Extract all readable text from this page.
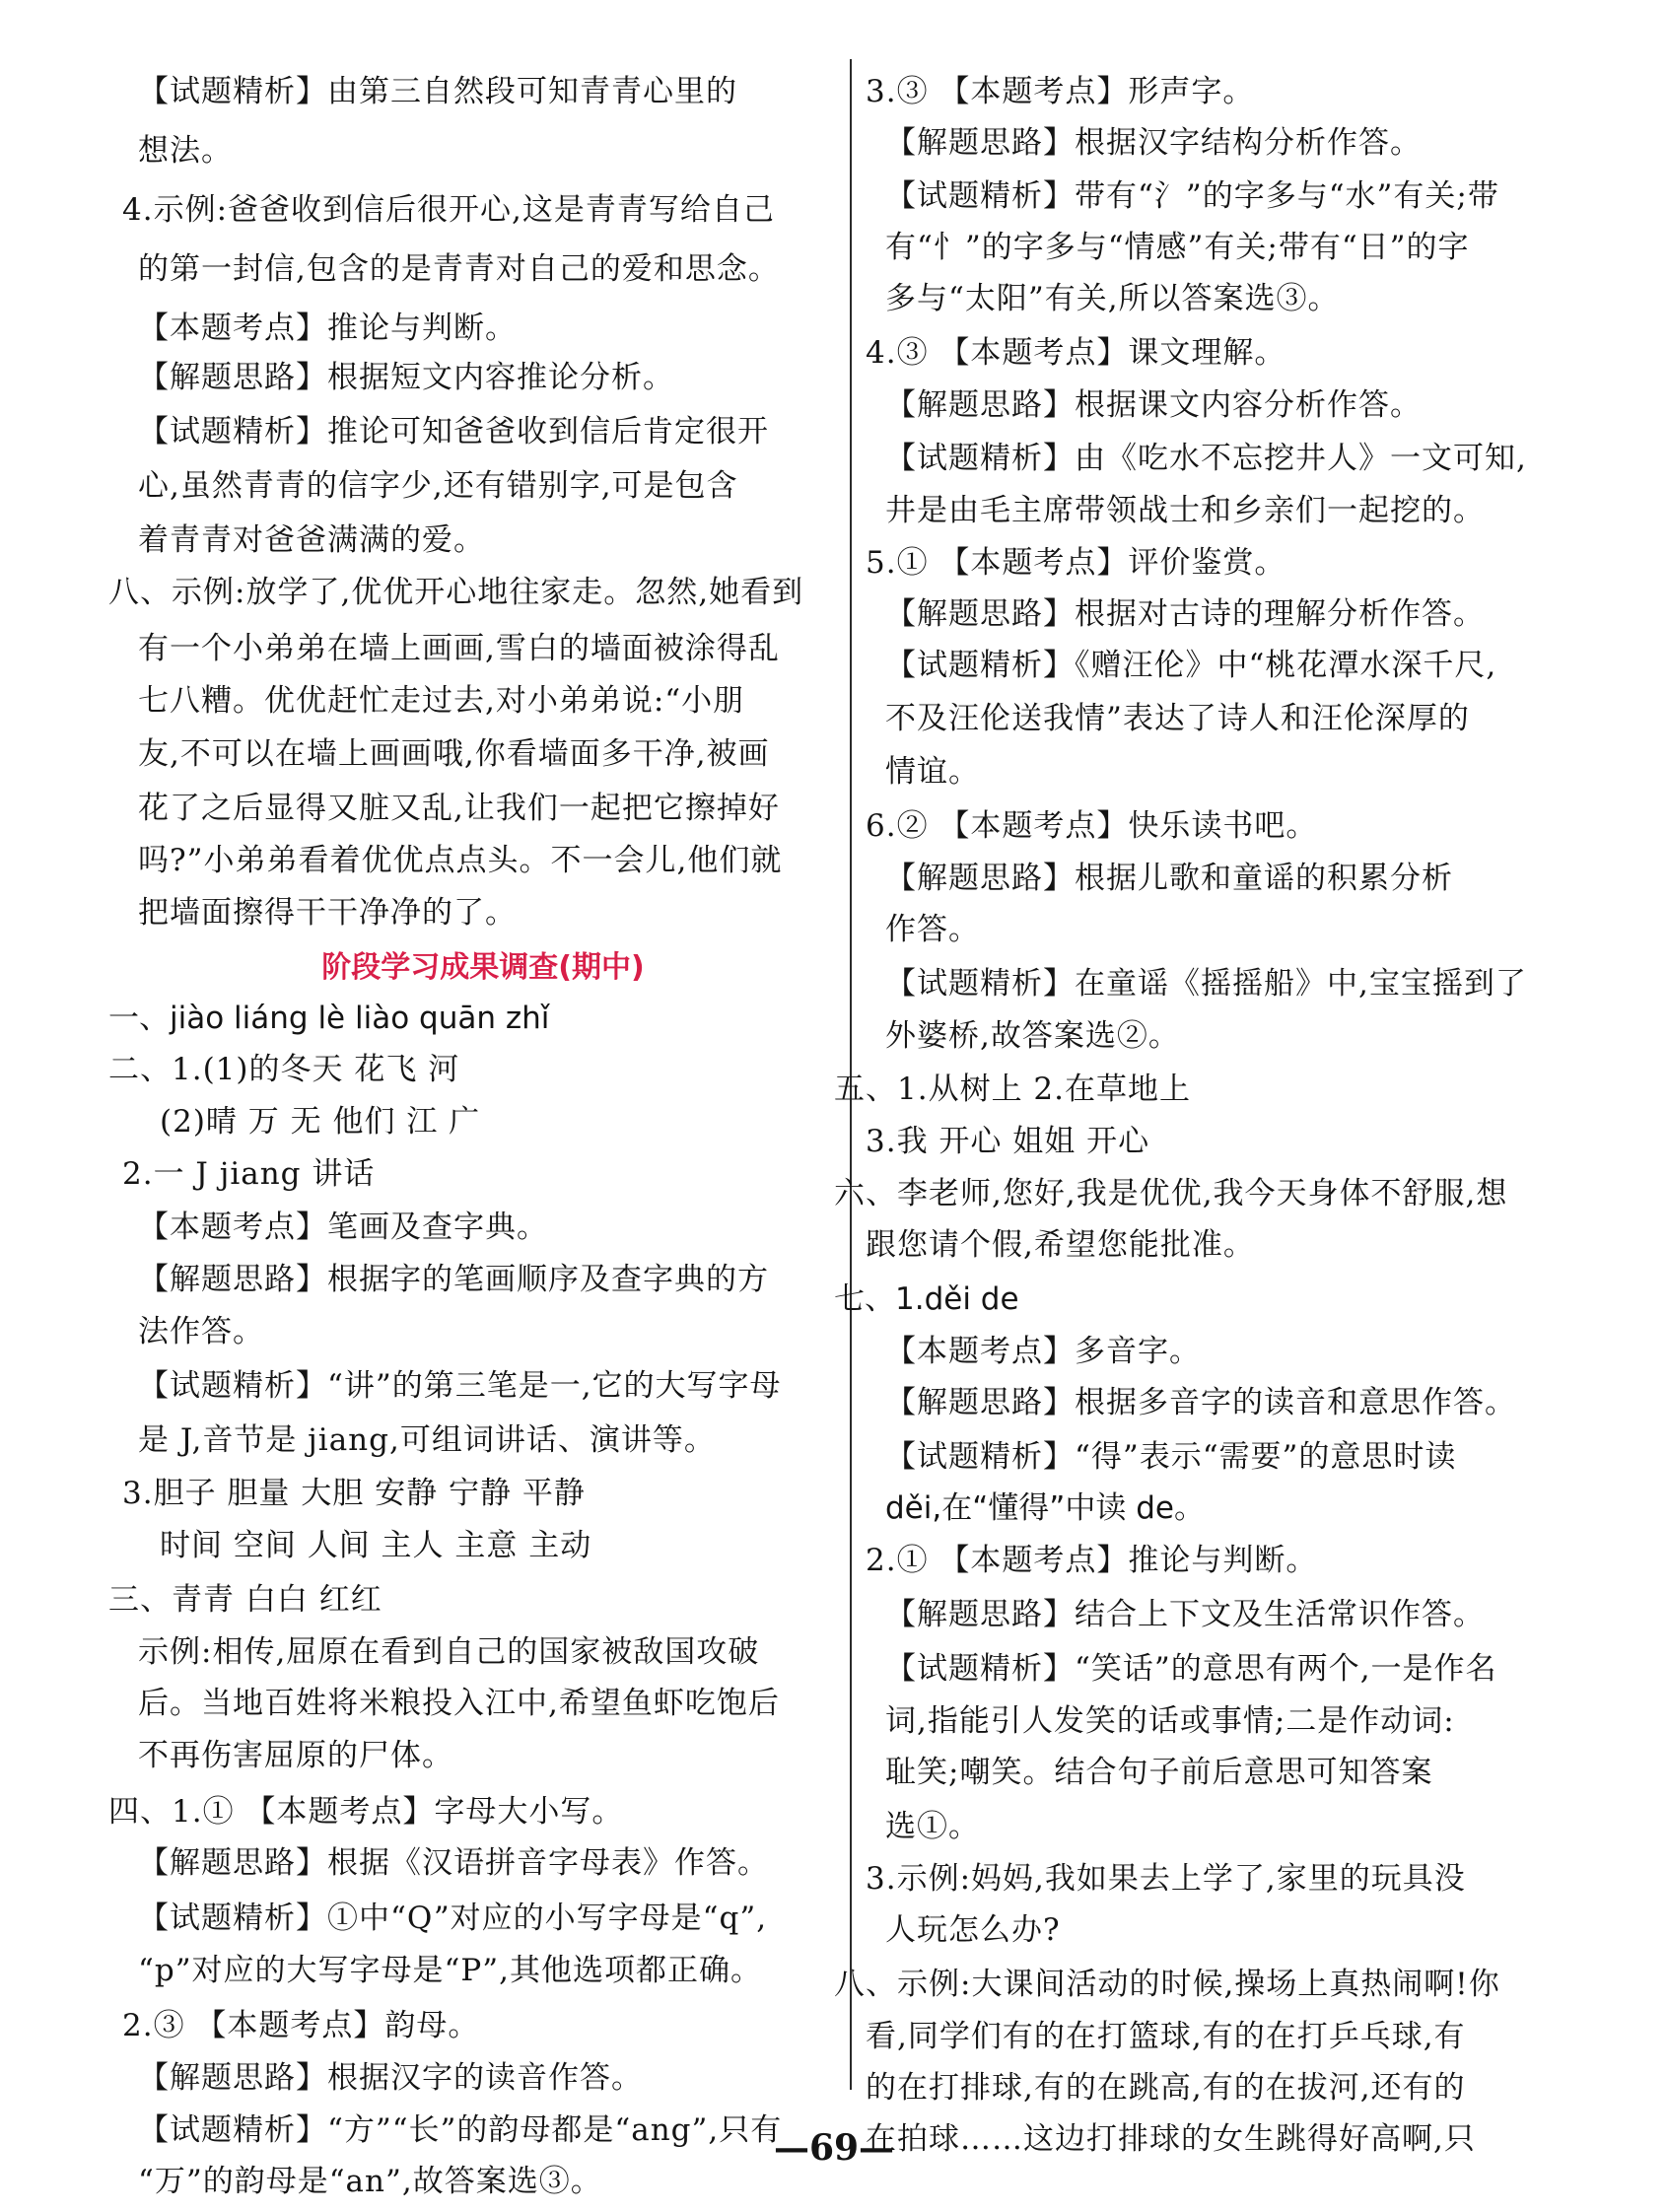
【试题精析】由第三自然段可知青青心里的
想法。
4.示例:爸爸收到信后很开心,这是青青写给自己
的第一封信,包含的是青青对自己的爱和思念。
【本题考点】推论与判断。
【解题思路】根据短文内容推论分析。
【试题精析】推论可知爸爸收到信后肯定很开
心,虽然青青的信字少,还有错别字,可是包含
着青青对爸爸满满的爱。
八、示例:放学了,优优开心地往家走。忽然,她看到
有一个小弟弟在墙上画画,雪白的墙面被涂得乱
七八糟。优优赶忙走过去,对小弟弟说:“小朋
友,不可以在墙上画画哦,你看墙面多干净,被画
花了之后显得又脏又乱,让我们一起把它擦掉好
吗?”小弟弟看着优优点点头。不一会儿,他们就
把墙面擦得干干净净的了。
阶段学习成果调查(期中)
一、jiào liáng lè liào quān zhǐ
二、1.(1)的冬天 花飞 河
(2)晴 万 无 他们 江 广
2.一 J jiang 讲话
【本题考点】笔画及查字典。
【解题思路】根据字的笔画顺序及查字典的方
法作答。
【试题精析】“讲”的第三笔是一,它的大写字母
是 J,音节是 jiang,可组词讲话、演讲等。
3.胆子 胆量 大胆 安静 宁静 平静
时间 空间 人间 主人 主意 主动
三、青青 白白 红红
示例:相传,屈原在看到自己的国家被敌国攻破
后。当地百姓将米粮投入江中,希望鱼虾吃饱后
不再伤害屈原的尸体。
四、1.① 【本题考点】字母大小写。
【解题思路】根据《汉语拼音字母表》作答。
【试题精析】①中“Q”对应的小写字母是“q”,
“p”对应的大写字母是“P”,其他选项都正确。
2.③ 【本题考点】韵母。
【解题思路】根据汉字的读音作答。
【试题精析】“方”“长”的韵母都是“ang”,只有
“万”的韵母是“an”,故答案选③。
3.③ 【本题考点】形声字。
【解题思路】根据汉字结构分析作答。
【试题精析】带有“氵”的字多与“水”有关;带
有“忄”的字多与“情感”有关;带有“日”的字
多与“太阳”有关,所以答案选③。
4.③ 【本题考点】课文理解。
【解题思路】根据课文内容分析作答。
【试题精析】由《吃水不忘挖井人》一文可知,
井是由毛主席带领战士和乡亲们一起挖的。
5.① 【本题考点】评价鉴赏。
【解题思路】根据对古诗的理解分析作答。
【试题精析】《赠汪伦》中“桃花潭水深千尺,
不及汪伦送我情”表达了诗人和汪伦深厚的
情谊。
6.② 【本题考点】快乐读书吧。
【解题思路】根据儿歌和童谣的积累分析
作答。
【试题精析】在童谣《摇摇船》中,宝宝摇到了
外婆桥,故答案选②。
五、1.从树上 2.在草地上
3.我 开心 姐姐 开心
六、李老师,您好,我是优优,我今天身体不舒服,想
跟您请个假,希望您能批准。
七、1.děi de
【本题考点】多音字。
【解题思路】根据多音字的读音和意思作答。
【试题精析】“得”表示“需要”的意思时读
děi,在“懂得”中读 de。
2.① 【本题考点】推论与判断。
【解题思路】结合上下文及生活常识作答。
【试题精析】“笑话”的意思有两个,一是作名
词,指能引人发笑的话或事情;二是作动词:
耻笑;嘲笑。结合句子前后意思可知答案
选①。
3.示例:妈妈,我如果去上学了,家里的玩具没
人玩怎么办?
八、示例:大课间活动的时候,操场上真热闹啊!你
看,同学们有的在打篮球,有的在打乒乓球,有
的在打排球,有的在跳高,有的在拔河,还有的
在拍球……这边打排球的女生跳得好高啊,只
—69—
